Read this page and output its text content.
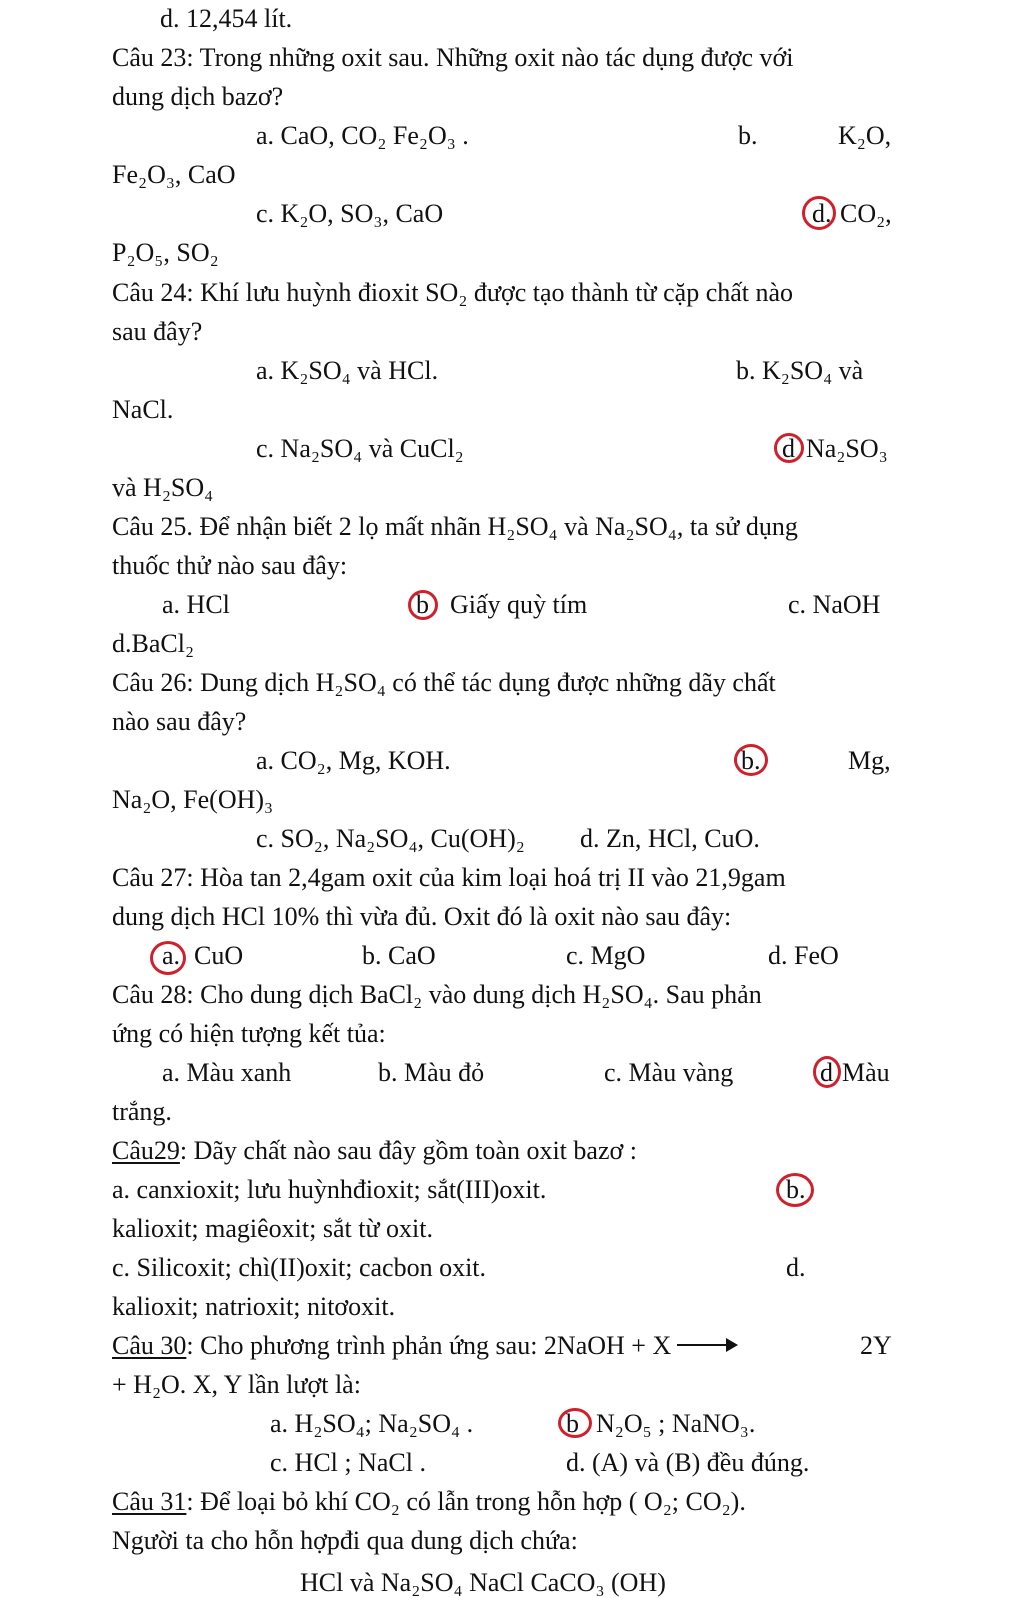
d. 12,454 lít.
Câu 23: Trong những oxit sau. Những oxit nào tác dụng được với
dung dịch bazơ?
a. CaO, CO₂ Fe₂O₃ .	b.	K₂O,
Fe₂O₃, CaO
c. K₂O, SO₃, CaO	d. CO₂,
P₂O₅, SO₂
Câu 24: Khí lưu huỳnh đioxit SO₂ được tạo thành từ cặp chất nào
sau đây?
a. K₂SO₄ và HCl.	b. K₂SO₄ và
NaCl.
c. Na₂SO₄ và CuCl₂	d Na₂SO₃
và H₂SO₄
Câu 25. Để nhận biết 2 lọ mất nhãn H₂SO₄ và Na₂SO₄, ta sử dụng
thuốc thử nào sau đây:
a. HCl	b Giấy quỳ tím	c. NaOH
d.BaCl₂
Câu 26: Dung dịch H₂SO₄ có thể tác dụng được những dãy chất
nào sau đây?
a. CO₂, Mg, KOH.	b.	Mg,
Na₂O, Fe(OH)₃
c. SO₂, Na₂SO₄, Cu(OH)₂ d. Zn, HCl, CuO.
Câu 27: Hòa tan 2,4gam oxit của kim loại hoá trị II vào 21,9gam
dung dịch HCl 10% thì vừa đủ. Oxit đó là oxit nào sau đây:
a. CuO	b. CaO	c. MgO	d. FeO
Câu 28: Cho dung dịch BaCl₂ vào dung dịch H₂SO₄. Sau phản
ứng có hiện tượng kết tủa:
a. Màu xanh	b. Màu đỏ	c. Màu vàng	d Màu
trắng.
Câu29: Dãy chất nào sau đây gồm toàn oxit bazơ :
a. canxioxit; lưu huỳnhđioxit; sắt(III)oxit.	b.
kalioxit; magiêoxit; sắt từ oxit.
c. Silicoxit; chì(II)oxit; cacbon oxit.	d.
kalioxit; natrioxit; nitơoxit.
Câu 30: Cho phương trình phản ứng sau: 2NaOH + X →	2Y
+ H₂O. X, Y lần lượt là:
a. H₂SO₄; Na₂SO₄ .	b N₂O₅ ; NaNO₃.
c. HCl ; NaCl .	d. (A) và (B) đều đúng.
Câu 31: Để loại bỏ khí CO₂ có lẫn trong hỗn hợp ( O₂; CO₂).
Người ta cho hỗn hợpđi qua dung dịch chứa:
HCl và Na₂SO₄ NaCl CaCO₃ (OH)
